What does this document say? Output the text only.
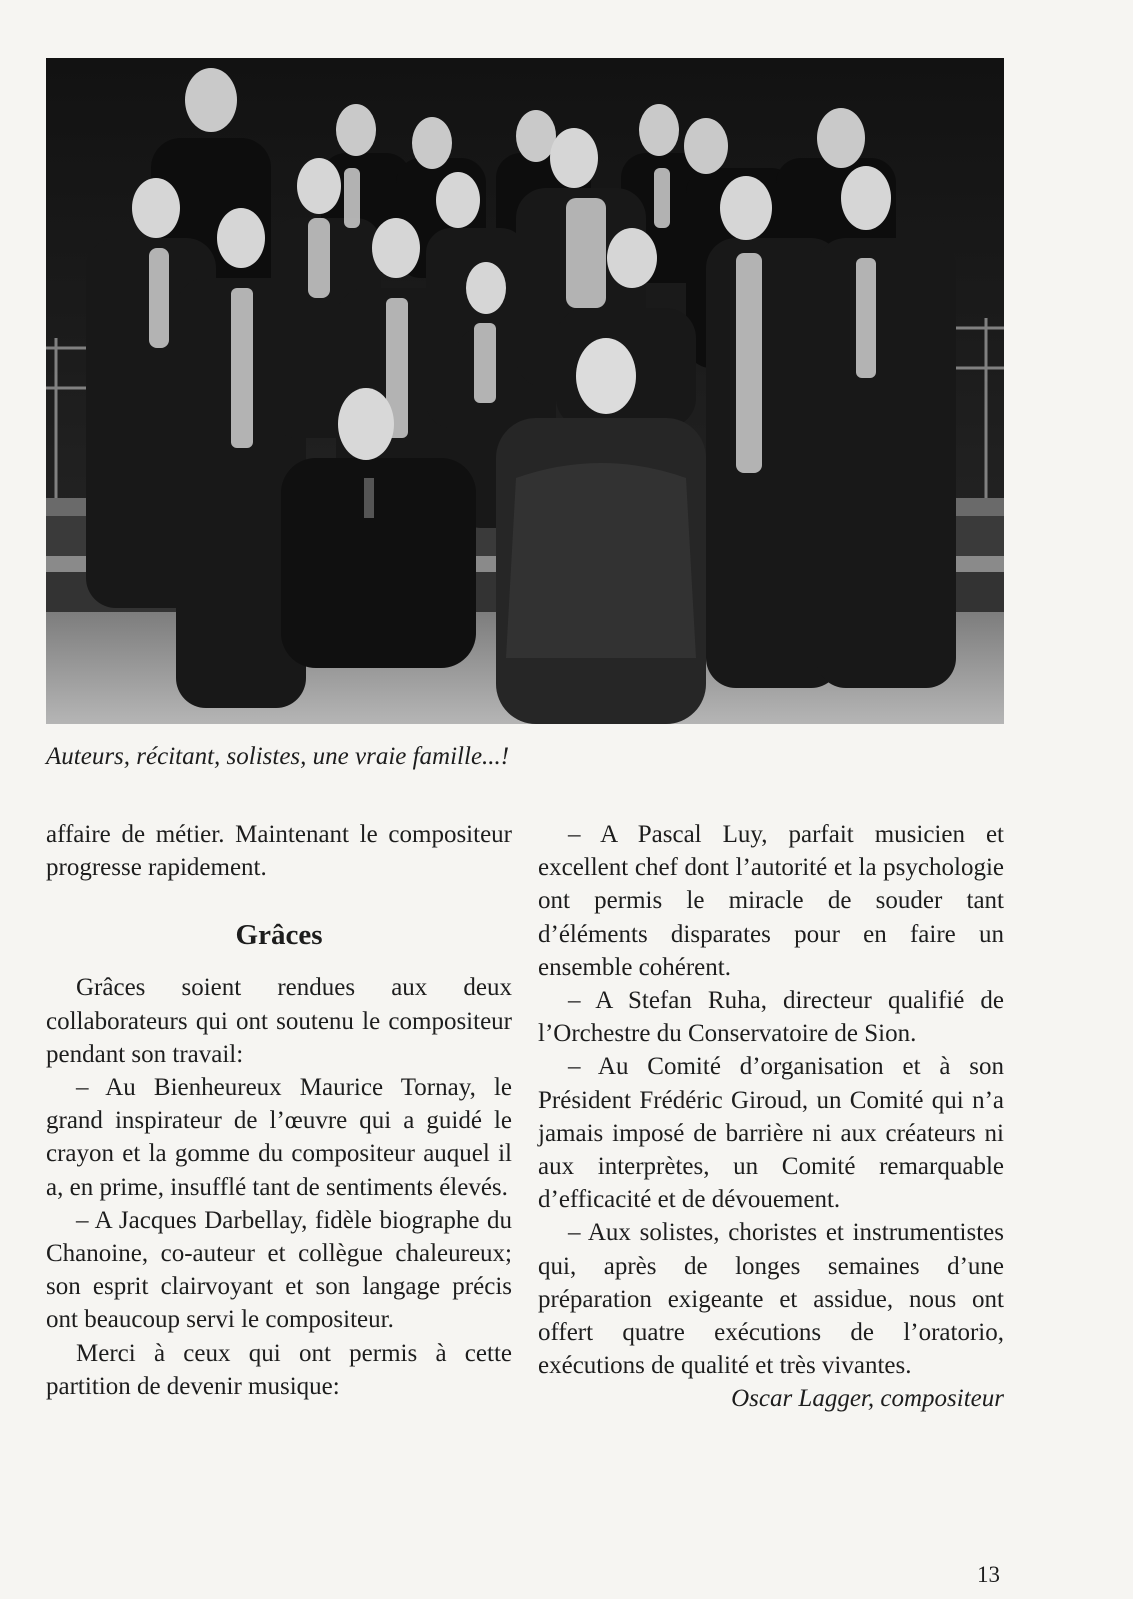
Auteurs, récitant, solistes, une vraie famille...!

affaire de métier. Maintenant le compositeur progresse rapidement.

Grâces

Grâces soient rendues aux deux collaborateurs qui ont soutenu le compositeur pendant son travail:

– Au Bienheureux Maurice Tornay, le grand inspirateur de l’œuvre qui a guidé le crayon et la gomme du compositeur auquel il a, en prime, insufflé tant de sentiments élevés.

– A Jacques Darbellay, fidèle biographe du Chanoine, co-auteur et collègue chaleureux; son esprit clairvoyant et son langage précis ont beaucoup servi le compositeur.

Merci à ceux qui ont permis à cette partition de devenir musique:

– A Pascal Luy, parfait musicien et excellent chef dont l’autorité et la psychologie ont permis le miracle de souder tant d’éléments disparates pour en faire un ensemble cohérent.

– A Stefan Ruha, directeur qualifié de l’Orchestre du Conservatoire de Sion.

– Au Comité d’organisation et à son Président Frédéric Giroud, un Comité qui n’a jamais imposé de barrière ni aux créateurs ni aux interprètes, un Comité remarquable d’efficacité et de dévouement.

– Aux solistes, choristes et instrumentistes qui, après de longes semaines d’une préparation exigeante et assidue, nous ont offert quatre exécutions de l’oratorio, exécutions de qualité et très vivantes.

Oscar Lagger, compositeur

13
